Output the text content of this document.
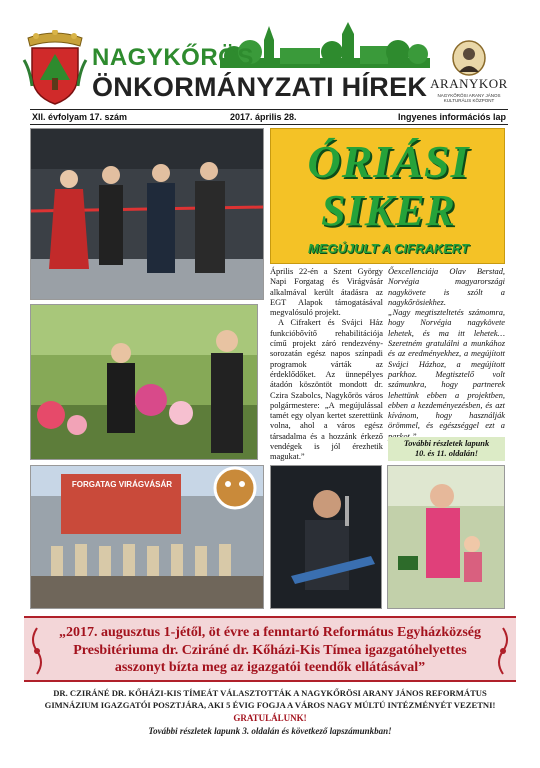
NAGYKŐRÖS
ÖNKORMÁNYZATI HÍREK ARANYKOR
NAGYKŐRÖSI ARANY JÁNOS KULTURÁLIS KÖZPONT
XII. évfolyam 17. szám	2017. április 28.	Ingyenes információs lap
FORGATAG VIRÁGVÁSÁR
ÓRIÁSI
SIKER
MEGÚJULT A CIFRAKERT

Április 22-én a Szent György Napi Forgatag és Virágvásár alkalmával került átadásra az EGT Alapok támogatásával megvalósuló projekt.

A Cifrakert és Svájci Ház funkcióbővítő rehabilitációja című projekt záró rendezvény-sorozatán egész napos színpadi programok várták az érdeklődőket. Az ünnepélyes átadón köszöntöt mondott dr. Czira Szabolcs, Nagykőrös város polgármestere: „A megújulással tamét egy olyan kertet szerettünk volna, ahol a város egész társadalma és a hozzánk érkező vendégek is jól érezhetik magukat.”

Őexcellenciája Olav Berstad, Norvégia magyarországi nagykövete is szólt a nagykőrösiekhez.

„Nagy megtiszteltetés számomra, hogy Norvégia nagykövete lehetek, és ma itt lehetek… Szeretném gratulálni a munkához és az eredményekhez, a megújított Svájci Házhoz, a megújított parkhoz. Megtisztelő volt számunkra, hogy partnerek lehettünk ebben a projektben, ebben a kezdeményezésben, és azt kívánom, hogy használják örömmel, és egészséggel ezt a

További részletek lapunk
10. és 11. oldalán!
„2017. augusztus 1-jétől, öt évre a fenntartó Református Egyházközség Presbitériuma dr. Cziráné dr. Kőházi-Kis Tímea igazgatóhelyettes asszonyt bízta meg az igazgatói teendők ellátásával”
DR. CZIRÁNÉ DR. KŐHÁZI-KIS TÍMEÁT VÁLASZTOTTÁK A NAGYKŐRÖSI ARANY JÁNOS REFORMÁTUS
GIMNÁZIUM IGAZGATÓI POSZTJÁRA, AKI 5 ÉVIG FOGJA A VÁROS NAGY MÚLTÚ INTÉZMÉNYÉT VEZETNI!
GRATULÁLUNK!
További részletek lapunk 3. oldalán és következő lapszámunkban!
